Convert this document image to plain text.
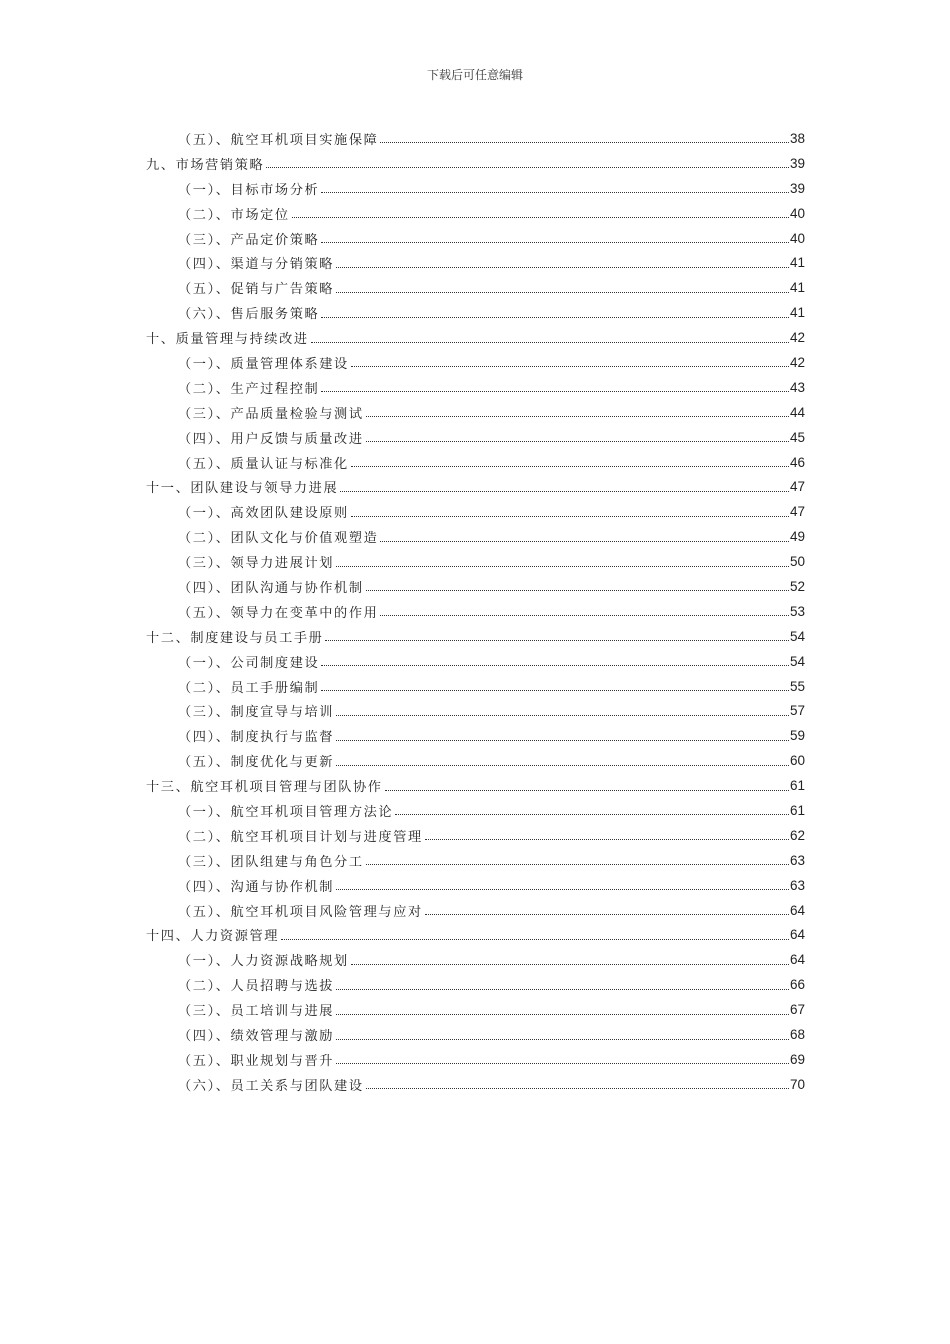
下载后可任意编辑
（五）、航空耳机项目实施保障	38
九、市场营销策略	39
（一）、目标市场分析	39
（二）、市场定位	40
（三）、产品定价策略	40
（四）、渠道与分销策略	41
（五）、促销与广告策略	41
（六）、售后服务策略	41
十、质量管理与持续改进	42
（一）、质量管理体系建设	42
（二）、生产过程控制	43
（三）、产品质量检验与测试	44
（四）、用户反馈与质量改进	45
（五）、质量认证与标准化	46
十一、团队建设与领导力进展	47
（一）、高效团队建设原则	47
（二）、团队文化与价值观塑造	49
（三）、领导力进展计划	50
（四）、团队沟通与协作机制	52
（五）、领导力在变革中的作用	53
十二、制度建设与员工手册	54
（一）、公司制度建设	54
（二）、员工手册编制	55
（三）、制度宣导与培训	57
（四）、制度执行与监督	59
（五）、制度优化与更新	60
十三、航空耳机项目管理与团队协作	61
（一）、航空耳机项目管理方法论	61
（二）、航空耳机项目计划与进度管理	62
（三）、团队组建与角色分工	63
（四）、沟通与协作机制	63
（五）、航空耳机项目风险管理与应对	64
十四、人力资源管理	64
（一）、人力资源战略规划	64
（二）、人员招聘与选拔	66
（三）、员工培训与进展	67
（四）、绩效管理与激励	68
（五）、职业规划与晋升	69
（六）、员工关系与团队建设	70
